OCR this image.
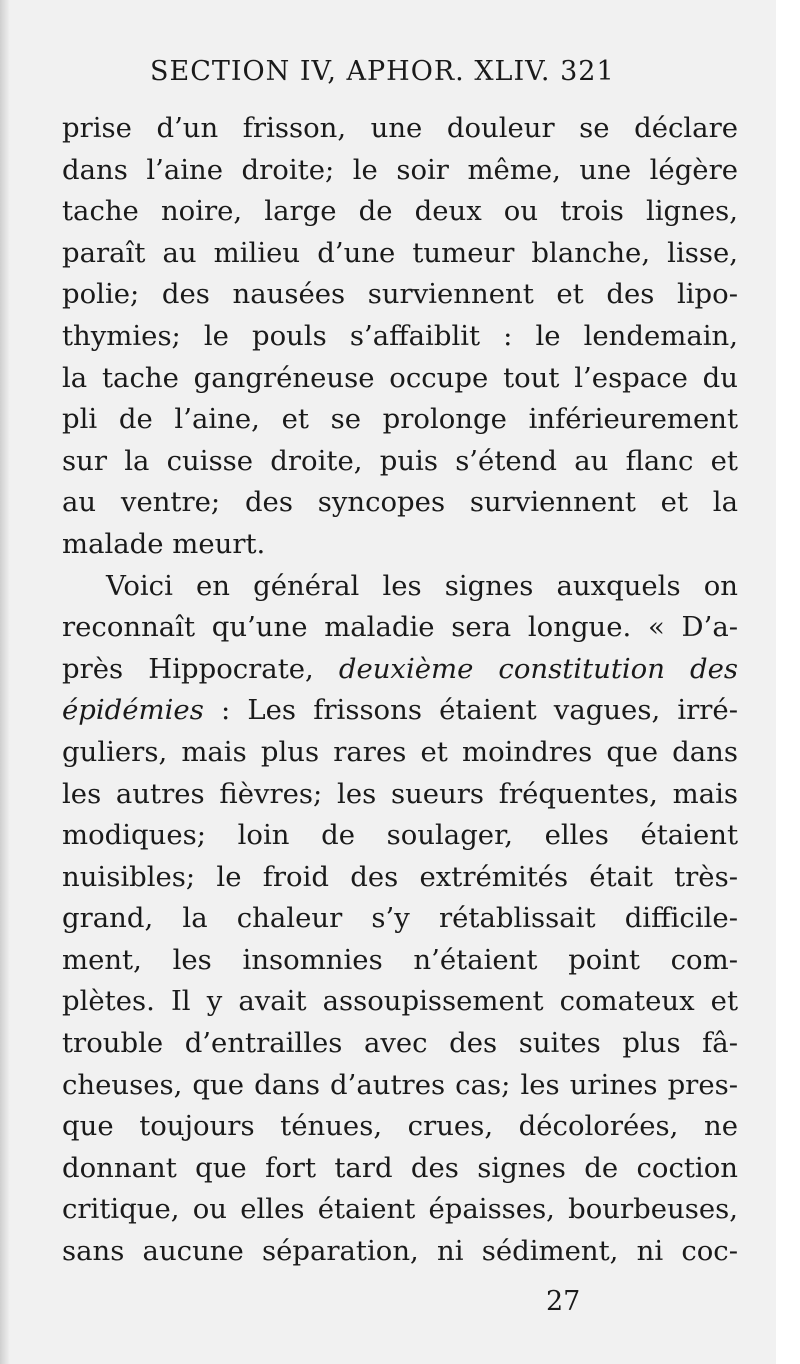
SECTION IV, APHOR. XLIV. 321
prise d’un frisson, une douleur se déclare
dans l’aine droite; le soir même, une légère
tache noire, large de deux ou trois lignes,
paraît au milieu d’une tumeur blanche, lisse,
polie; des nausées surviennent et des lipo-
thymies; le pouls s’affaiblit : le lendemain,
la tache gangréneuse occupe tout l’espace du
pli de l’aine, et se prolonge inférieurement
sur la cuisse droite, puis s’étend au flanc et
au ventre; des syncopes surviennent et la
malade meurt.
Voici en général les signes auxquels on
reconnaît qu’une maladie sera longue. « D’a-
près Hippocrate, deuxième constitution des
épidémies : Les frissons étaient vagues, irré-
guliers, mais plus rares et moindres que dans
les autres fièvres; les sueurs fréquentes, mais
modiques; loin de soulager, elles étaient
nuisibles; le froid des extrémités était très-
grand, la chaleur s’y rétablissait difficile-
ment, les insomnies n’étaient point com-
plètes. Il y avait assoupissement comateux et
trouble d’entrailles avec des suites plus fâ-
cheuses, que dans d’autres cas; les urines pres-
que toujours ténues, crues, décolorées, ne
donnant que fort tard des signes de coction
critique, ou elles étaient épaisses, bourbeuses,
sans aucune séparation, ni sédiment, ni coc-
27
